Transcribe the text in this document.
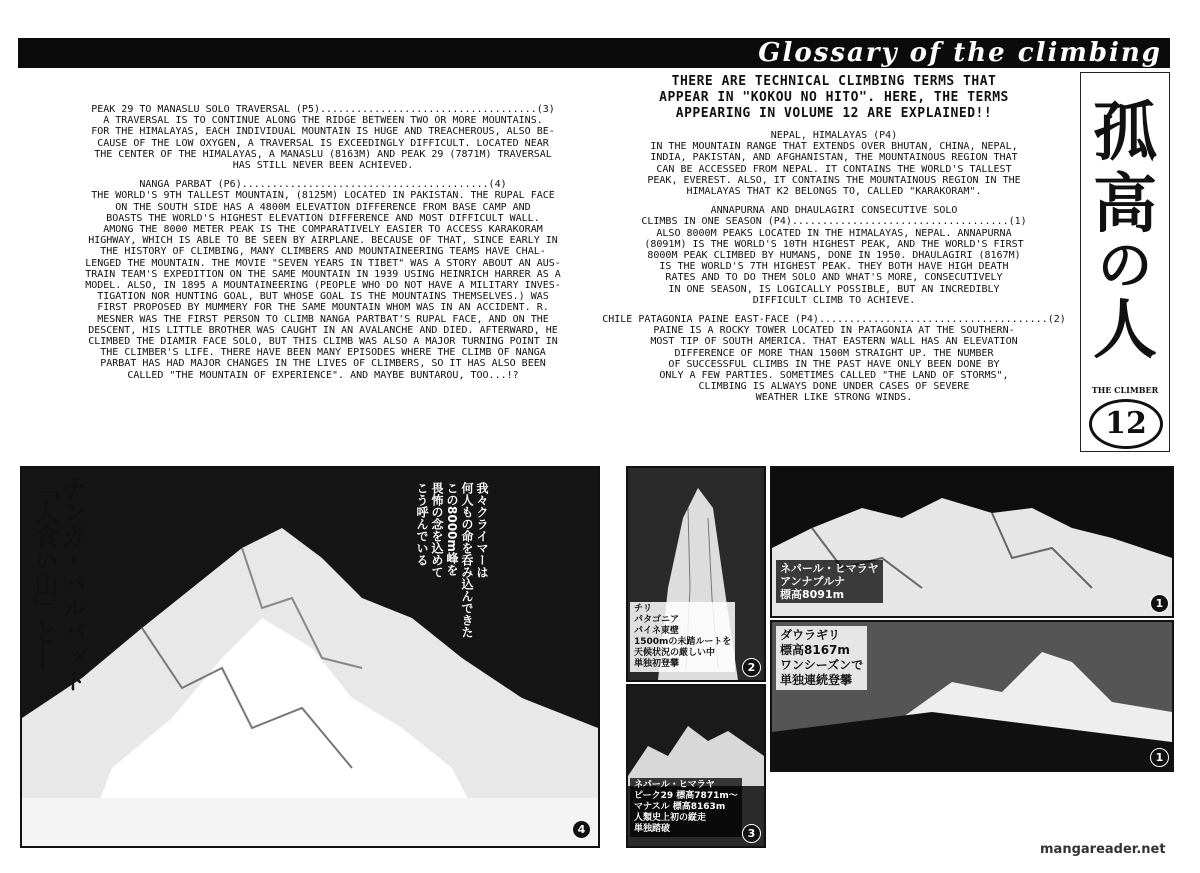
Glossary of the climbing
PEAK 29 TO MANASLU SOLO TRAVERSAL (P5)....................................(3)
A TRAVERSAL IS TO CONTINUE ALONG THE RIDGE BETWEEN TWO OR MORE MOUNTAINS.
FOR THE HIMALAYAS, EACH INDIVIDUAL MOUNTAIN IS HUGE AND TREACHEROUS, ALSO BE-
CAUSE OF THE LOW OXYGEN, A TRAVERSAL IS EXCEEDINGLY DIFFICULT. LOCATED NEAR
THE CENTER OF THE HIMALAYAS, A MANASLU (8163M) AND PEAK 29 (7871M) TRAVERSAL
HAS STILL NEVER BEEN ACHIEVED.
NANGA PARBAT (P6).........................................(4)
THE WORLD'S 9TH TALLEST MOUNTAIN, (8125M) LOCATED IN PAKISTAN. THE RUPAL FACE
ON THE SOUTH SIDE HAS A 4800M ELEVATION DIFFERENCE FROM BASE CAMP AND
BOASTS THE WORLD'S HIGHEST ELEVATION DIFFERENCE AND MOST DIFFICULT WALL.
AMONG THE 8000 METER PEAK IS THE COMPARATIVELY EASIER TO ACCESS KARAKORAM
HIGHWAY, WHICH IS ABLE TO BE SEEN BY AIRPLANE. BECAUSE OF THAT, SINCE EARLY IN
THE HISTORY OF CLIMBING, MANY CLIMBERS AND MOUNTAINEERING TEAMS HAVE CHAL-
LENGED THE MOUNTAIN. THE MOVIE "SEVEN YEARS IN TIBET" WAS A STORY ABOUT AN AUS-
TRAIN TEAM'S EXPEDITION ON THE SAME MOUNTAIN IN 1939 USING HEINRICH HARRER AS A
MODEL. ALSO, IN 1895 A MOUNTAINEERING (PEOPLE WHO DO NOT HAVE A MILITARY INVES-
TIGATION NOR HUNTING GOAL, BUT WHOSE GOAL IS THE MOUNTAINS THEMSELVES.) WAS
FIRST PROPOSED BY MUMMERY FOR THE SAME MOUNTAIN WHOM WAS IN AN ACCIDENT. R.
MESNER WAS THE FIRST PERSON TO CLIMB NANGA PARTBAT'S RUPAL FACE, AND ON THE
DESCENT, HIS LITTLE BROTHER WAS CAUGHT IN AN AVALANCHE AND DIED. AFTERWARD, HE
CLIMBED THE DIAMIR FACE SOLO, BUT THIS CLIMB WAS ALSO A MAJOR TURNING POINT IN
THE CLIMBER'S LIFE. THERE HAVE BEEN MANY EPISODES WHERE THE CLIMB OF NANGA
PARBAT HAS HAD MAJOR CHANGES IN THE LIVES OF CLIMBERS, SO IT HAS ALSO BEEN
CALLED "THE MOUNTAIN OF EXPERIENCE". AND MAYBE BUNTAROU, TOO...!?
THERE ARE TECHNICAL CLIMBING TERMS THAT
APPEAR IN "KOKOU NO HITO". HERE, THE TERMS
APPEARING IN VOLUME 12 ARE EXPLAINED!!
NEPAL, HIMALAYAS (P4)
IN THE MOUNTAIN RANGE THAT EXTENDS OVER BHUTAN, CHINA, NEPAL,
INDIA, PAKISTAN, AND AFGHANISTAN, THE MOUNTAINOUS REGION THAT
CAN BE ACCESSED FROM NEPAL. IT CONTAINS THE WORLD'S TALLEST
PEAK, EVEREST. ALSO, IT CONTAINS THE MOUNTAINOUS REGION IN THE
HIMALAYAS THAT K2 BELONGS TO, CALLED "KARAKORAM".
ANNAPURNA AND DHAULAGIRI CONSECUTIVE SOLO
CLIMBS IN ONE SEASON (P4)....................................(1)
ALSO 8000M PEAKS LOCATED IN THE HIMALAYAS, NEPAL. ANNAPURNA
(8091M) IS THE WORLD'S 10TH HIGHEST PEAK, AND THE WORLD'S FIRST
8000M PEAK CLIMBED BY HUMANS, DONE IN 1950. DHAULAGIRI (8167M)
IS THE WORLD'S 7TH HIGHEST PEAK. THEY BOTH HAVE HIGH DEATH
RATES AND TO DO THEM SOLO AND WHAT'S MORE, CONSECUTIVELY
IN ONE SEASON, IS LOGICALLY POSSIBLE, BUT AN INCREDIBLY
DIFFICULT CLIMB TO ACHIEVE.
CHILE PATAGONIA PAINE EAST-FACE (P4)......................................(2)
PAINE IS A ROCKY TOWER LOCATED IN PATAGONIA AT THE SOUTHERN-
MOST TIP OF SOUTH AMERICA. THAT EASTERN WALL HAS AN ELEVATION
DIFFERENCE OF MORE THAN 1500M STRAIGHT UP. THE NUMBER
OF SUCCESSFUL CLIMBS IN THE PAST HAVE ONLY BEEN DONE BY
ONLY A FEW PARTIES. SOMETIMES CALLED "THE LAND OF STORMS",
CLIMBING IS ALWAYS DONE UNDER CASES OF SEVERE
WEATHER LIKE STRONG WINDS.
孤
高
の
人
THE CLIMBER
12
ナンガ・パルバット
「人食い山」と―	我々クライマーは
何人もの命を呑み込んできた
この8000m峰を
畏怖の念を込めて
こう呼んでいる
4
チリ
パタゴニア
パイネ東壁
1500mの未踏ルートを
天候状況の厳しい中
単独初登攀	2
ネパール・ヒマラヤ
アンナプルナ
標高8091m
1
ダウラギリ
標高8167m
ワンシーズンで
単独連続登攀
1
ネパール・ヒマラヤ
ピーク29 標高7871m〜
マナスル 標高8163m
人類史上初の縦走
単独踏破	3
mangareader.net
